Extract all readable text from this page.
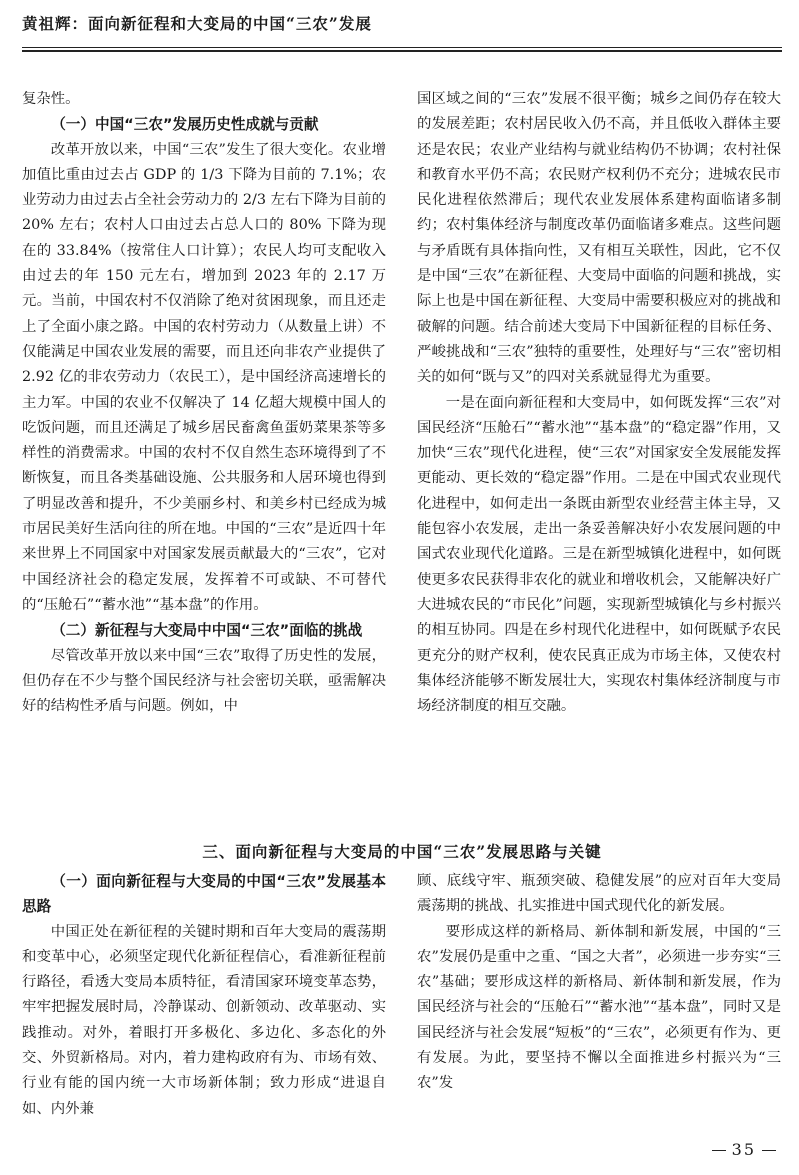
黄祖辉：面向新征程和大变局的中国“三农”发展

复杂性。

（一）中国“三农”发展历史性成就与贡献

改革开放以来，中国“三农”发生了很大变化。农业增加值比重由过去占 GDP 的 1/3 下降为目前的 7.1%；农业劳动力由过去占全社会劳动力的 2/3 左右下降为目前的 20% 左右；农村人口由过去占总人口的 80% 下降为现在的 33.84%（按常住人口计算）；农民人均可支配收入由过去的年 150 元左右，增加到 2023 年的 2.17 万元。当前，中国农村不仅消除了绝对贫困现象，而且还走上了全面小康之路。中国的农村劳动力（从数量上讲）不仅能满足中国农业发展的需要，而且还向非农产业提供了 2.92 亿的非农劳动力（农民工），是中国经济高速增长的主力军。中国的农业不仅解决了 14 亿超大规模中国人的吃饭问题，而且还满足了城乡居民畜禽鱼蛋奶菜果茶等多样性的消费需求。中国的农村不仅自然生态环境得到了不断恢复，而且各类基础设施、公共服务和人居环境也得到了明显改善和提升，不少美丽乡村、和美乡村已经成为城市居民美好生活向往的所在地。中国的“三农”是近四十年来世界上不同国家中对国家发展贡献最大的“三农”，它对中国经济社会的稳定发展，发挥着不可或缺、不可替代的“压舱石”“蓄水池”“基本盘”的作用。

（二）新征程与大变局中中国“三农”面临的挑战

尽管改革开放以来中国“三农”取得了历史性的发展，但仍存在不少与整个国民经济与社会密切关联，亟需解决好的结构性矛盾与问题。例如，中

国区域之间的“三农”发展不很平衡；城乡之间仍存在较大的发展差距；农村居民收入仍不高，并且低收入群体主要还是农民；农业产业结构与就业结构仍不协调；农村社保和教育水平仍不高；农民财产权利仍不充分；进城农民市民化进程依然滞后；现代农业发展体系建构面临诸多制约；农村集体经济与制度改革仍面临诸多难点。这些问题与矛盾既有具体指向性，又有相互关联性，因此，它不仅是中国“三农”在新征程、大变局中面临的问题和挑战，实际上也是中国在新征程、大变局中需要积极应对的挑战和破解的问题。结合前述大变局下中国新征程的目标任务、严峻挑战和“三农”独特的重要性，处理好与“三农”密切相关的如何“既与又”的四对关系就显得尤为重要。

一是在面向新征程和大变局中，如何既发挥“三农”对国民经济“压舱石”“蓄水池”“基本盘”的“稳定器”作用，又加快“三农”现代化进程，使“三农”对国家安全发展能发挥更能动、更长效的“稳定器”作用。二是在中国式农业现代化进程中，如何走出一条既由新型农业经营主体主导，又能包容小农发展，走出一条妥善解决好小农发展问题的中国式农业现代化道路。三是在新型城镇化进程中，如何既使更多农民获得非农化的就业和增收机会，又能解决好广大进城农民的“市民化”问题，实现新型城镇化与乡村振兴的相互协同。四是在乡村现代化进程中，如何既赋予农民更充分的财产权利，使农民真正成为市场主体，又使农村集体经济能够不断发展壮大，实现农村集体经济制度与市场经济制度的相互交融。

三、面向新征程与大变局的中国“三农”发展思路与关键
（一）面向新征程与大变局的中国“三农”发展基本思路

中国正处在新征程的关键时期和百年大变局的震荡期和变革中心，必须坚定现代化新征程信心，看准新征程前行路径，看透大变局本质特征，看清国家环境变革态势，牢牢把握发展时局，冷静谋动、创新领动、改革驱动、实践推动。对外，着眼打开多极化、多边化、多态化的外交、外贸新格局。对内，着力建构政府有为、市场有效、行业有能的国内统一大市场新体制；致力形成“进退自如、内外兼

顾、底线守牢、瓶颈突破、稳健发展”的应对百年大变局震荡期的挑战、扎实推进中国式现代化的新发展。

要形成这样的新格局、新体制和新发展，中国的“三农”发展仍是重中之重、“国之大者”，必须进一步夯实“三农”基础；要形成这样的新格局、新体制和新发展，作为国民经济与社会的“压舱石”“蓄水池”“基本盘”，同时又是国民经济与社会发展“短板”的“三农”，必须更有作为、更有发展。为此，要坚持不懈以全面推进乡村振兴为“三农”发

35
